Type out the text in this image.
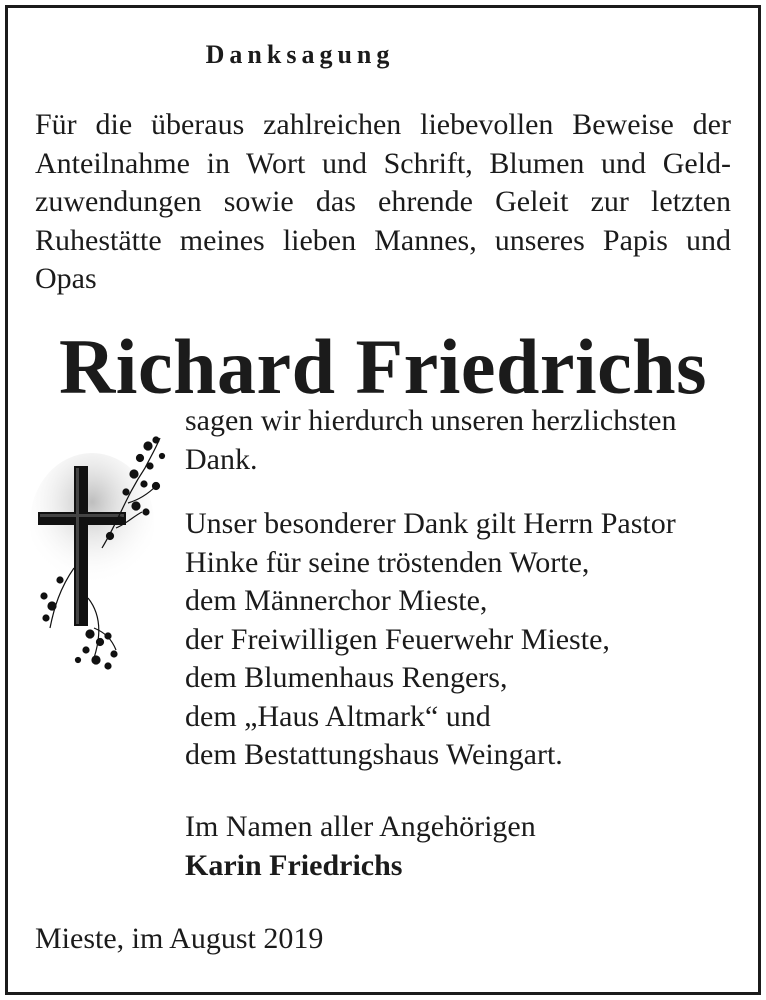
Danksagung
Für die überaus zahlreichen liebevollen Beweise der
Anteilnahme in Wort und Schrift, Blumen und Geld-
zuwendungen sowie das ehrende Geleit zur letzten
Ruhestätte meines lieben Mannes, unseres Papis und
Opas
Richard Friedrichs
sagen wir hierdurch unseren herzlichsten
Dank.
Unser besonderer Dank gilt Herrn Pastor
Hinke für seine tröstenden Worte,
dem Männerchor Mieste,
der Freiwilligen Feuerwehr Mieste,
dem Blumenhaus Rengers,
dem „Haus Altmark“ und
dem Bestattungshaus Weingart.
Im Namen aller Angehörigen
Karin Friedrichs
Mieste, im August 2019
